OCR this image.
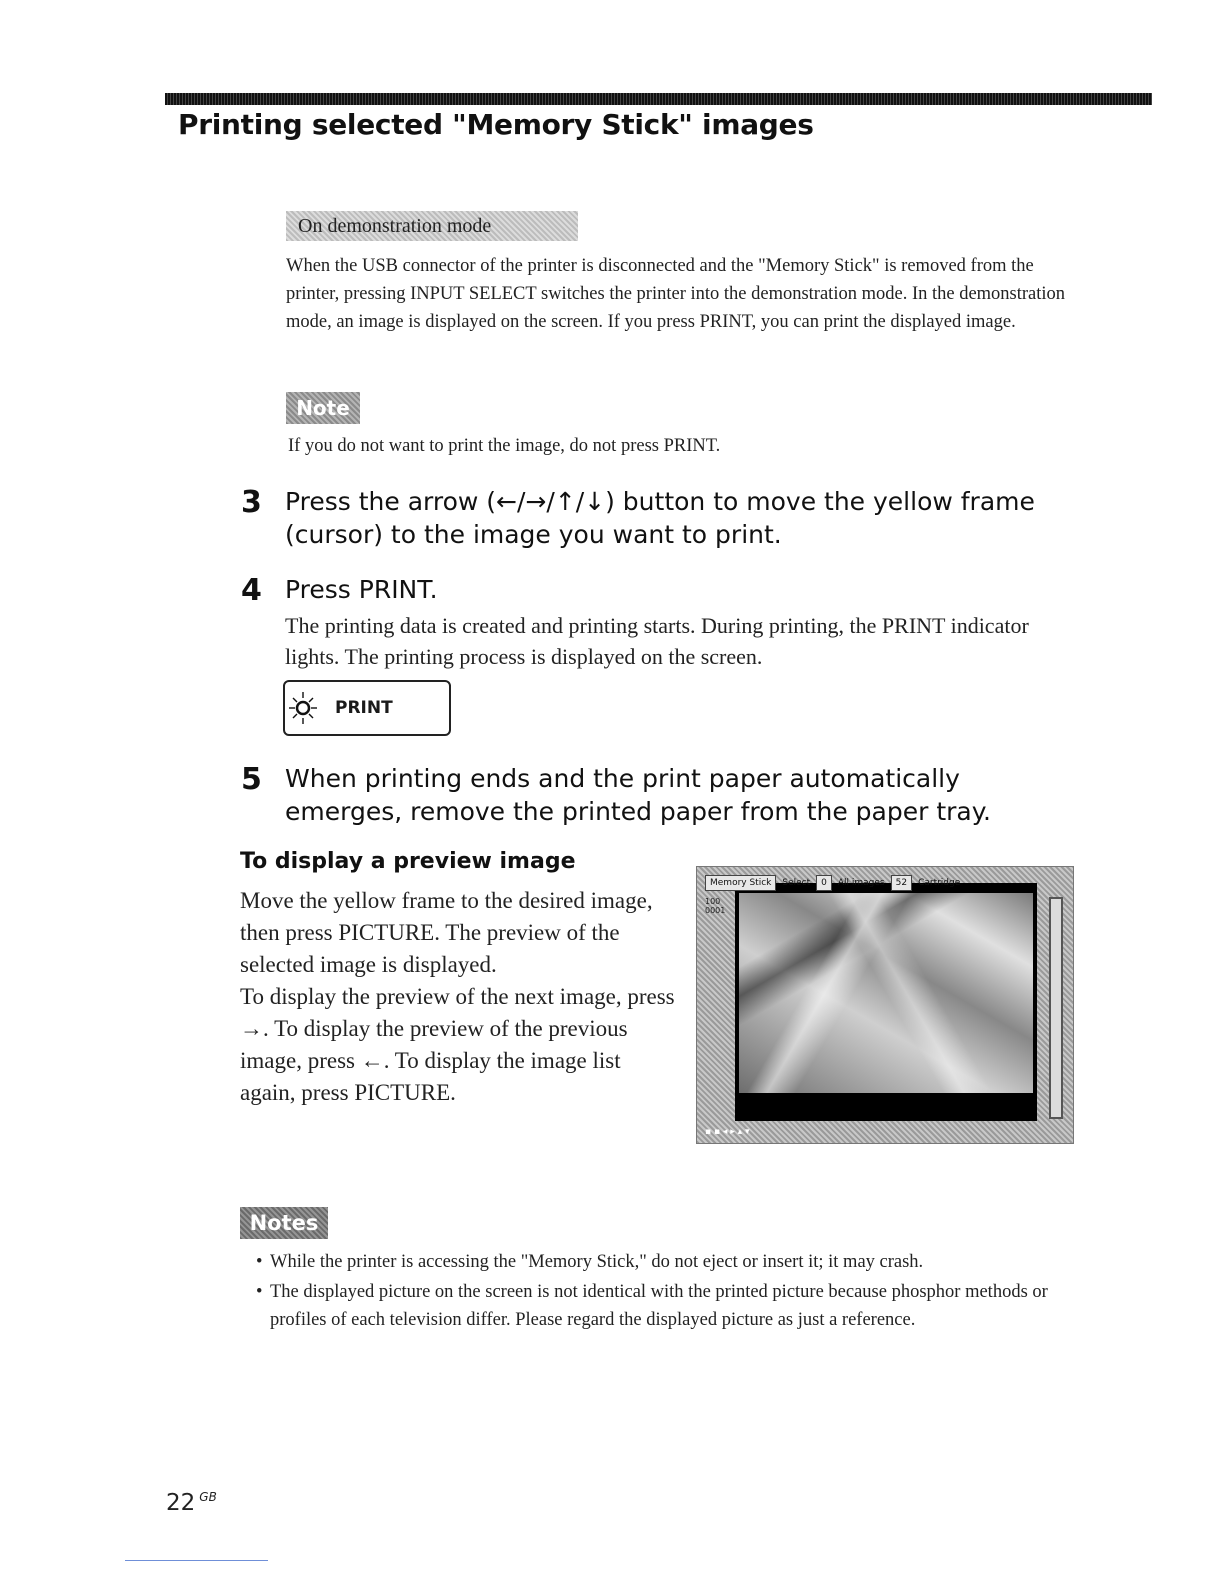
Printing selected "Memory Stick" images
On demonstration mode
When the USB connector of the printer is disconnected and the "Memory Stick" is removed from the printer, pressing INPUT SELECT switches the printer into the demonstration mode. In the demonstration mode, an image is displayed on the screen. If you press PRINT, you can print the displayed image.
Note
If you do not want to print the image, do not press PRINT.
3 Press the arrow (←/→/↑/↓) button to move the yellow frame (cursor) to the image you want to print.
4 Press PRINT.
The printing data is created and printing starts. During printing, the PRINT indicator lights. The printing process is displayed on the screen.
PRINT
5 When printing ends and the print paper automatically emerges, remove the printed paper from the paper tray.
To display a preview image
Move the yellow frame to the desired image, then press PICTURE. The preview of the selected image is displayed.
To display the preview of the next image, press →. To display the preview of the previous image, press ←. To display the image list again, press PICTURE.
Memory Stick	Select	0	All images	52	Cartridge
100
0001
▪ ▪ ◂ ▸ ▴ ▾
Notes
• While the printer is accessing the "Memory Stick," do not eject or insert it; it may crash.
• The displayed picture on the screen is not identical with the printed picture because phosphor methods or profiles of each television differ. Please regard the displayed picture as just a reference.
22 $^{GB}$
